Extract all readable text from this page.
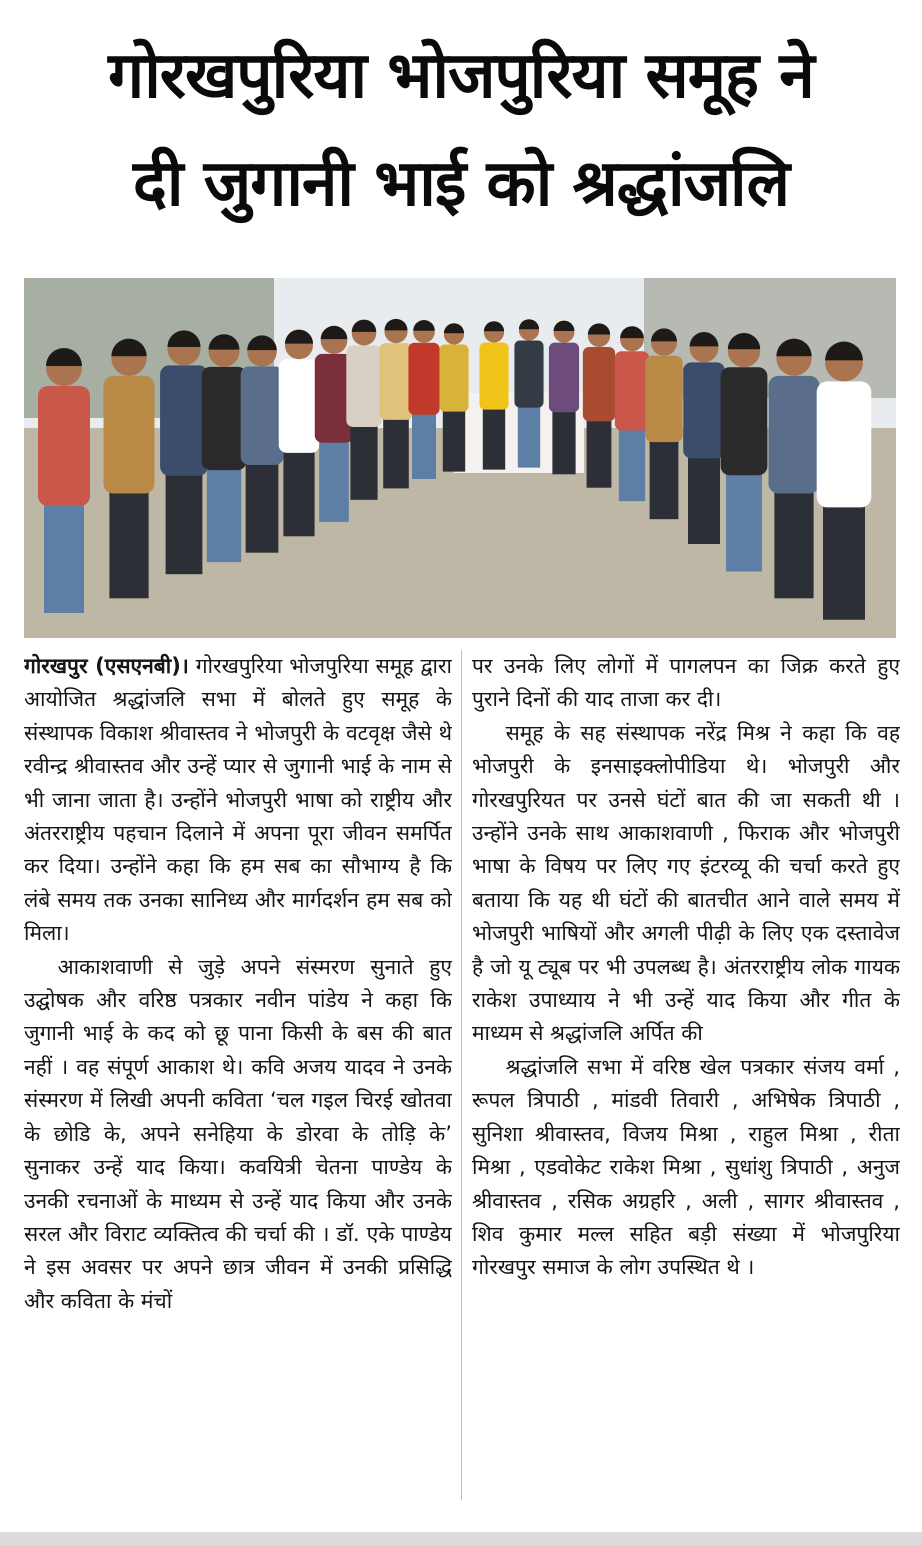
गोरखपुरिया भोजपुरिया समूह ने
दी जुगानी भाई को श्रद्धांजलि

गोरखपुर (एसएनबी)। गोरखपुरिया भोजपुरिया समूह द्वारा आयोजित श्रद्धांजलि सभा में बोलते हुए समूह के संस्थापक विकाश श्रीवास्तव ने भोजपुरी के वटवृक्ष जैसे थे रवीन्द्र श्रीवास्तव और उन्हें प्यार से जुगानी भाई के नाम से भी जाना जाता है। उन्होंने भोजपुरी भाषा को राष्ट्रीय और अंतरराष्ट्रीय पहचान दिलाने में अपना पूरा जीवन समर्पित कर दिया। उन्होंने कहा कि हम सब का सौभाग्य है कि लंबे समय तक उनका सानिध्य और मार्गदर्शन हम सब को मिला।

आकाशवाणी से जुड़े अपने संस्मरण सुनाते हुए उद्घोषक और वरिष्ठ पत्रकार नवीन पांडेय ने कहा कि जुगानी भाई के कद को छू पाना किसी के बस की बात नहीं । वह संपूर्ण आकाश थे। कवि अजय यादव ने उनके संस्मरण में लिखी अपनी कविता ‘चल गइल चिरई खोतवा के छोडि के, अपने सनेहिया के डोरवा के तोड़ि के’ सुनाकर उन्हें याद किया। कवयित्री चेतना पाण्डेय के उनकी रचनाओं के माध्यम से उन्हें याद किया और उनके सरल और विराट व्यक्तित्व की चर्चा की । डॉ. एके पाण्डेय ने इस अवसर पर अपने छात्र जीवन में उनकी प्रसिद्धि और कविता के मंचों

पर उनके लिए लोगों में पागलपन का जिक्र करते हुए पुराने दिनों की याद ताजा कर दी।

समूह के सह संस्थापक नरेंद्र मिश्र ने कहा कि वह भोजपुरी के इनसाइक्लोपीडिया थे। भोजपुरी और गोरखपुरियत पर उनसे घंटों बात की जा सकती थी । उन्होंने उनके साथ आकाशवाणी , फिराक और भोजपुरी भाषा के विषय पर लिए गए इंटरव्यू की चर्चा करते हुए बताया कि यह थी घंटों की बातचीत आने वाले समय में भोजपुरी भाषियों और अगली पीढ़ी के लिए एक दस्तावेज है जो यू ट्यूब पर भी उपलब्ध है। अंतरराष्ट्रीय लोक गायक राकेश उपाध्याय ने भी उन्हें याद किया और गीत के माध्यम से श्रद्धांजलि अर्पित की

श्रद्धांजलि सभा में वरिष्ठ खेल पत्रकार संजय वर्मा , रूपल त्रिपाठी , मांडवी तिवारी , अभिषेक त्रिपाठी , सुनिशा श्रीवास्तव, विजय मिश्रा , राहुल मिश्रा , रीता मिश्रा , एडवोकेट राकेश मिश्रा , सुधांशु त्रिपाठी , अनुज श्रीवास्तव , रसिक अग्रहरि , अली , सागर श्रीवास्तव , शिव कुमार मल्ल सहित बड़ी संख्या में भोजपुरिया गोरखपुर समाज के लोग उपस्थित थे ।
